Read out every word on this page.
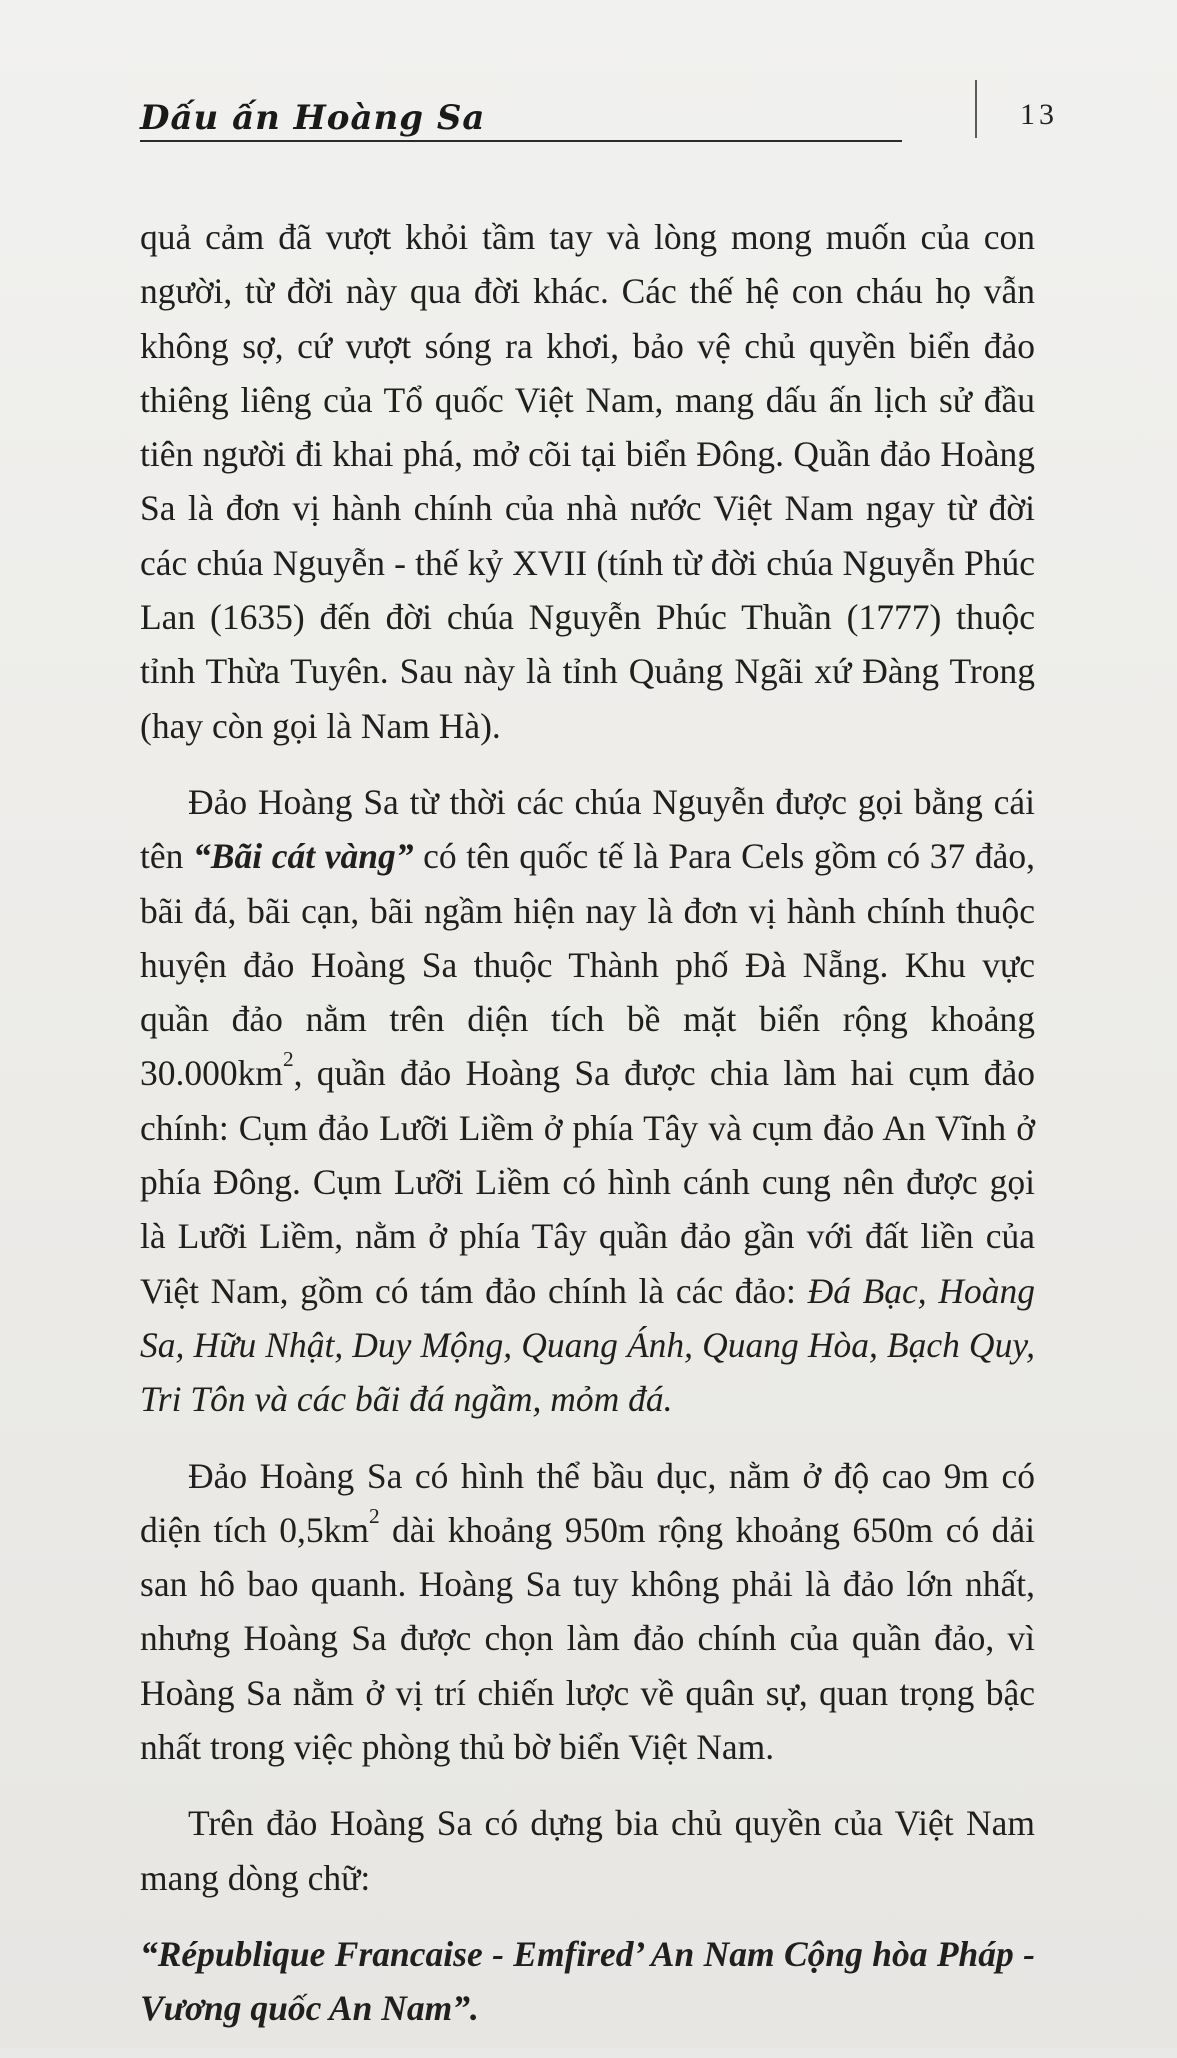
Dấu ấn Hoàng Sa	13

quả cảm đã vượt khỏi tầm tay và lòng mong muốn của con người, từ đời này qua đời khác. Các thế hệ con cháu họ vẫn không sợ, cứ vượt sóng ra khơi, bảo vệ chủ quyền biển đảo thiêng liêng của Tổ quốc Việt Nam, mang dấu ấn lịch sử đầu tiên người đi khai phá, mở cõi tại biển Đông. Quần đảo Hoàng Sa là đơn vị hành chính của nhà nước Việt Nam ngay từ đời các chúa Nguyễn - thế kỷ XVII (tính từ đời chúa Nguyễn Phúc Lan (1635) đến đời chúa Nguyễn Phúc Thuần (1777) thuộc tỉnh Thừa Tuyên. Sau này là tỉnh Quảng Ngãi xứ Đàng Trong (hay còn gọi là Nam Hà).

Đảo Hoàng Sa từ thời các chúa Nguyễn được gọi bằng cái tên “Bãi cát vàng” có tên quốc tế là Para Cels gồm có 37 đảo, bãi đá, bãi cạn, bãi ngầm hiện nay là đơn vị hành chính thuộc huyện đảo Hoàng Sa thuộc Thành phố Đà Nẵng. Khu vực quần đảo nằm trên diện tích bề mặt biển rộng khoảng $30.000km^2$, quần đảo Hoàng Sa được chia làm hai cụm đảo chính: Cụm đảo Lưỡi Liềm ở phía Tây và cụm đảo An Vĩnh ở phía Đông. Cụm Lưỡi Liềm có hình cánh cung nên được gọi là Lưỡi Liềm, nằm ở phía Tây quần đảo gần với đất liền của Việt Nam, gồm có tám đảo chính là các đảo: Đá Bạc, Hoàng Sa, Hữu Nhật, Duy Mộng, Quang Ánh, Quang Hòa, Bạch Quy, Tri Tôn và các bãi đá ngầm, mỏm đá.

Đảo Hoàng Sa có hình thể bầu dục, nằm ở độ cao 9m có diện tích $0,5km^2$ dài khoảng 950m rộng khoảng 650m có dải san hô bao quanh. Hoàng Sa tuy không phải là đảo lớn nhất, nhưng Hoàng Sa được chọn làm đảo chính của quần đảo, vì Hoàng Sa nằm ở vị trí chiến lược về quân sự, quan trọng bậc nhất trong việc phòng thủ bờ biển Việt Nam.

Trên đảo Hoàng Sa có dựng bia chủ quyền của Việt Nam mang dòng chữ:

“République Francaise - Emfired’ An Nam Cộng hòa Pháp - Vương quốc An Nam”.
